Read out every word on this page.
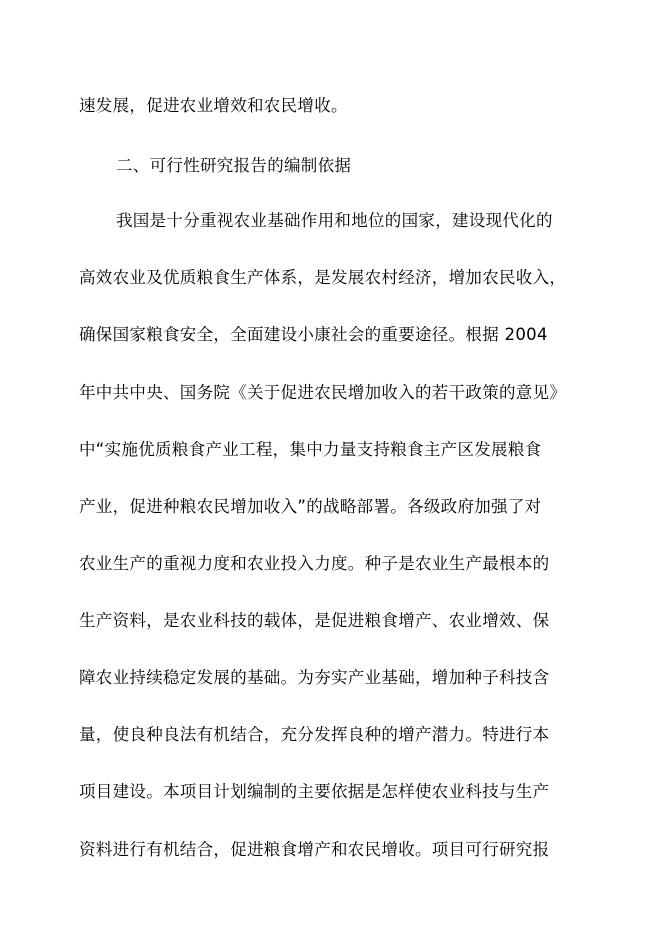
速发展，促进农业增效和农民增收。
二、可行性研究报告的编制依据
我国是十分重视农业基础作用和地位的国家，建设现代化的
高效农业及优质粮食生产体系，是发展农村经济，增加农民收入，
确保国家粮食安全，全面建设小康社会的重要途径。根据 2004
年中共中央、国务院《关于促进农民增加收入的若干政策的意见》
中“实施优质粮食产业工程，集中力量支持粮食主产区发展粮食
产业，促进种粮农民增加收入”的战略部署。各级政府加强了对
农业生产的重视力度和农业投入力度。种子是农业生产最根本的
生产资料，是农业科技的载体，是促进粮食增产、农业增效、保
障农业持续稳定发展的基础。为夯实产业基础，增加种子科技含
量，使良种良法有机结合，充分发挥良种的增产潜力。特进行本
项目建设。本项目计划编制的主要依据是怎样使农业科技与生产
资料进行有机结合，促进粮食增产和农民增收。项目可行研究报
